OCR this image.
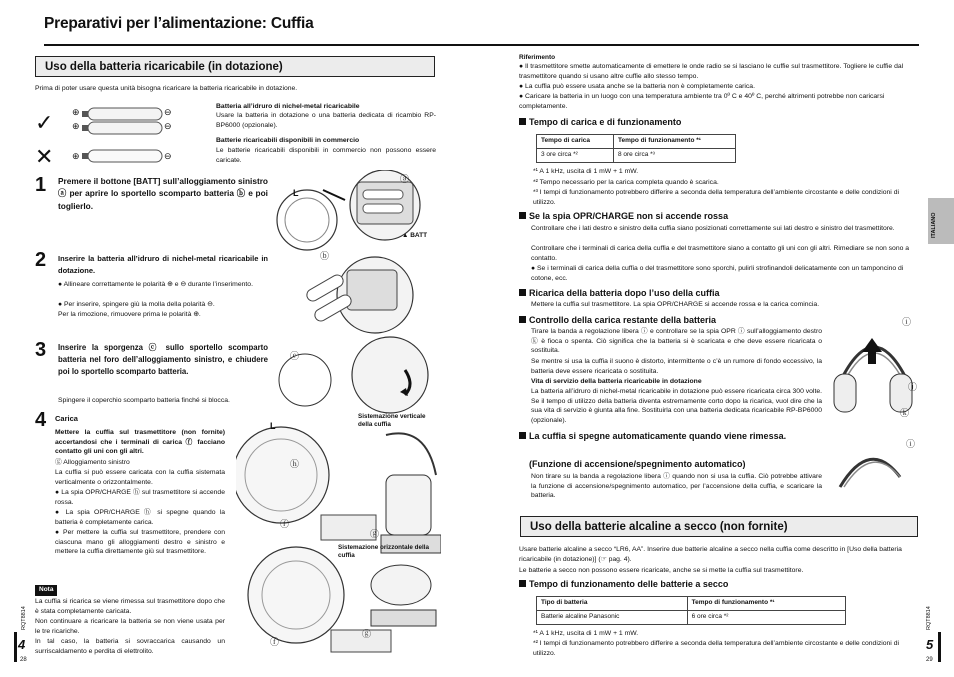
Preparativi per l’alimentazione: Cuffia
ITALIANO
Uso della batteria ricaricabile (in dotazione)
Prima di poter usare questa unità bisogna ricaricare la batteria ricaricabile in dotazione.
✓
✕
⊕	⊖
⊕	⊖
⊕	⊖
Batteria all’idruro di nichel-metal ricaricabile
Usare la batteria in dotazione o una batteria dedicata di ricambio RP-BP6000 (opzionale).
Batterie ricaricabili disponibili in commercio
Le batterie ricaricabili disponibili in commercio non possono essere caricate.
1 Premere il bottone [BATT] sull’alloggiamento sinistro ⓐ per aprire lo sportello scomparto batteria ⓑ e poi toglierlo.
2 Inserire la batteria all’idruro di nichel-metal ricaricabile in dotazione.
● Allineare correttamente le polarità ⊕ e ⊖ durante l’inserimento.
● Per inserire, spingere giù la molla della polarità ⊖.
Per la rimozione, rimuovere prima le polarità ⊕.
3 Inserire la sporgenza ⓒ sullo sportello scomparto batteria nel foro dell’alloggiamento sinistro, e chiudere poi lo sportello scomparto batteria.
Spingere il coperchio scomparto batteria finché si blocca.
4 Carica
Mettere la cuffia sul trasmettitore (non fornite) accertandosi che i terminali di carica ⓕ facciano contatto gli uni con gli altri.
ⓖ Alloggiamento sinistro
La cuffia si può essere caricata con la cuffia sistemata verticalmente o orizzontalmente.
● La spia OPR/CHARGE ⓗ sul trasmettitore si accende rossa.
● La spia OPR/CHARGE ⓗ si spegne quando la batteria è completamente carica.
● Per mettere la cuffia sul trasmettitore, prendere con ciascuna mano gli alloggiamenti destro e sinistro e mettere la cuffia direttamente giù sul trasmettitore.
Nota
La cuffia si ricarica se viene rimessa sul trasmettitore dopo che è stata completamente caricata.
Non continuare a ricaricare la batteria se non viene usata per le tre ricariche.
In tal caso, la batteria si sovraccarica causando un surriscaldamento e perdita di elettrolito.
4
28
RQT8814
L
ⓐ
▲ BATT
ⓑ
ⓒ
Sistemazione verticale della cuffia
Sistemazione orizzontale della cuffia
L
ⓕ
ⓖ
ⓗ
ⓖ
ⓕ
Riferimento
● Il trasmettitore smette automaticamente di emettere le onde radio se si lasciano le cuffie sul trasmettitore. Togliere le cuffie dal trasmettitore quando si usano altre cuffie allo stesso tempo.
● La cuffia può essere usata anche se la batteria non è completamente carica.
● Caricare la batteria in un luogo con una temperatura ambiente tra 0º C e 40º C, perché altrimenti potrebbe non caricarsi completamente.
Tempo di carica e di funzionamento
Tempo di carica	Tempo di funzionamento *¹
3 ore circa *²	8 ore circa *³
*¹ A 1 kHz, uscita di 1 mW + 1 mW.
*² Tempo necessario per la carica completa quando è scarica.
*³ I tempi di funzionamento potrebbero differire a seconda della temperatura dell’ambiente circostante e delle condizioni di utilizzo.
Se la spia OPR/CHARGE non si accende rossa
Controllare che i lati destro e sinistro della cuffia siano posizionati correttamente sui lati destro e sinistro del trasmettitore.
Controllare che i terminali di carica della cuffia e del trasmettitore siano a contatto gli uni con gli altri. Rimediare se non sono a contatto.
● Se i terminali di carica della cuffia o del trasmettitore sono sporchi, pulirli strofinandoli delicatamente con un tamponcino di cotone, ecc.
Ricarica della batteria dopo l’uso della cuffia
Mettere la cuffia sul trasmettitore. La spia OPR/CHARGE si accende rossa e la carica comincia.
Controllo della carica restante della batteria
Tirare la banda a regolazione libera ⓘ e controllare se la spia OPR ⓘ sull’alloggiamento destro ⓚ è fioca o spenta. Ciò significa che la batteria si è scaricata e che deve essere ricaricata o sostituita.
Se mentre si usa la cuffia il suono è distorto, intermittente o c’è un rumore di fondo eccessivo, la batteria deve essere ricaricata o sostituita.
Vita di servizio della batteria ricaricabile in dotazione
La batteria all’idruro di nichel-metal ricaricabile in dotazione può essere ricaricata circa 300 volte. Se il tempo di utilizzo della batteria diventa estremamente corto dopo la ricarica, vuol dire che la sua vita di servizio è giunta alla fine. Sostituirla con una batteria dedicata ricaricabile RP-BP6000 (opzionale).
La cuffia si spegne automaticamente quando viene rimessa.
(Funzione di accensione/spegnimento automatico)
Non tirare su la banda a regolazione libera ⓘ quando non si usa la cuffia. Ciò potrebbe attivare la funzione di accensione/spegnimento automatico, per l’accensione della cuffia, e scaricare la batteria.
ⓘ
ⓙ
ⓚ
ⓘ
Uso della batterie alcaline a secco (non fornite)
Usare batterie alcaline a secco “LR6, AA”. Inserire due batterie alcaline a secco nella cuffia come descritto in [Uso della batteria ricaricabile (in dotazione)] (☞ pag. 4).
Le batterie a secco non possono essere ricaricate, anche se si mette la cuffia sul trasmettitore.
Tempo di funzionamento delle batterie a secco
Tipo di batteria	Tempo di funzionamento *¹
Batterie alcaline Panasonic	6 ore circa *²
*¹ A 1 kHz, uscita di 1 mW + 1 mW.
*² I tempi di funzionamento potrebbero differire a seconda della temperatura dell’ambiente circostante e delle condizioni di utilizzo.
5
29
RQT8814
